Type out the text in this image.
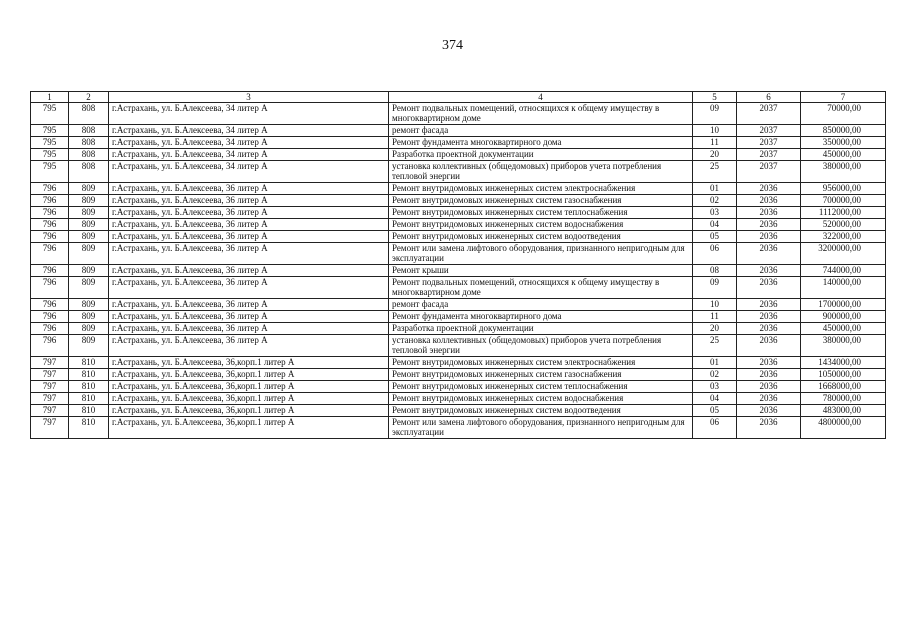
374
1	2	3	4	5	6	7
795	808	г.Астрахань, ул. Б.Алексеева, 34 литер А	Ремонт подвальных помещений, относящихся к общему имуществу в многоквартирном доме	09	2037	70000,00
795	808	г.Астрахань, ул. Б.Алексеева, 34 литер А	ремонт фасада	10	2037	850000,00
795	808	г.Астрахань, ул. Б.Алексеева, 34 литер А	Ремонт фундамента многоквартирного дома	11	2037	350000,00
795	808	г.Астрахань, ул. Б.Алексеева, 34 литер А	Разработка проектной документации	20	2037	450000,00
795	808	г.Астрахань, ул. Б.Алексеева, 34 литер А	установка коллективных (общедомовых) приборов учета потребления тепловой энергии	25	2037	380000,00
796	809	г.Астрахань, ул. Б.Алексеева, 36 литер А	Ремонт внутридомовых инженерных систем электроснабжения	01	2036	956000,00
796	809	г.Астрахань, ул. Б.Алексеева, 36 литер А	Ремонт внутридомовых инженерных систем газоснабжения	02	2036	700000,00
796	809	г.Астрахань, ул. Б.Алексеева, 36 литер А	Ремонт внутридомовых инженерных систем теплоснабжения	03	2036	1112000,00
796	809	г.Астрахань, ул. Б.Алексеева, 36 литер А	Ремонт внутридомовых инженерных систем водоснабжения	04	2036	520000,00
796	809	г.Астрахань, ул. Б.Алексеева, 36 литер А	Ремонт внутридомовых инженерных систем водоотведения	05	2036	322000,00
796	809	г.Астрахань, ул. Б.Алексеева, 36 литер А	Ремонт или замена лифтового оборудования, признанного непригодным для эксплуатации	06	2036	3200000,00
796	809	г.Астрахань, ул. Б.Алексеева, 36 литер А	Ремонт крыши	08	2036	744000,00
796	809	г.Астрахань, ул. Б.Алексеева, 36 литер А	Ремонт подвальных помещений, относящихся к общему имуществу в многоквартирном доме	09	2036	140000,00
796	809	г.Астрахань, ул. Б.Алексеева, 36 литер А	ремонт фасада	10	2036	1700000,00
796	809	г.Астрахань, ул. Б.Алексеева, 36 литер А	Ремонт фундамента многоквартирного дома	11	2036	900000,00
796	809	г.Астрахань, ул. Б.Алексеева, 36 литер А	Разработка проектной документации	20	2036	450000,00
796	809	г.Астрахань, ул. Б.Алексеева, 36 литер А	установка коллективных (общедомовых) приборов учета потребления тепловой энергии	25	2036	380000,00
797	810	г.Астрахань, ул. Б.Алексеева, 36,корп.1 литер А	Ремонт внутридомовых инженерных систем электроснабжения	01	2036	1434000,00
797	810	г.Астрахань, ул. Б.Алексеева, 36,корп.1 литер А	Ремонт внутридомовых инженерных систем газоснабжения	02	2036	1050000,00
797	810	г.Астрахань, ул. Б.Алексеева, 36,корп.1 литер А	Ремонт внутридомовых инженерных систем теплоснабжения	03	2036	1668000,00
797	810	г.Астрахань, ул. Б.Алексеева, 36,корп.1 литер А	Ремонт внутридомовых инженерных систем водоснабжения	04	2036	780000,00
797	810	г.Астрахань, ул. Б.Алексеева, 36,корп.1 литер А	Ремонт внутридомовых инженерных систем водоотведения	05	2036	483000,00
797	810	г.Астрахань, ул. Б.Алексеева, 36,корп.1 литер А	Ремонт или замена лифтового оборудования, признанного непригодным для эксплуатации	06	2036	4800000,00
